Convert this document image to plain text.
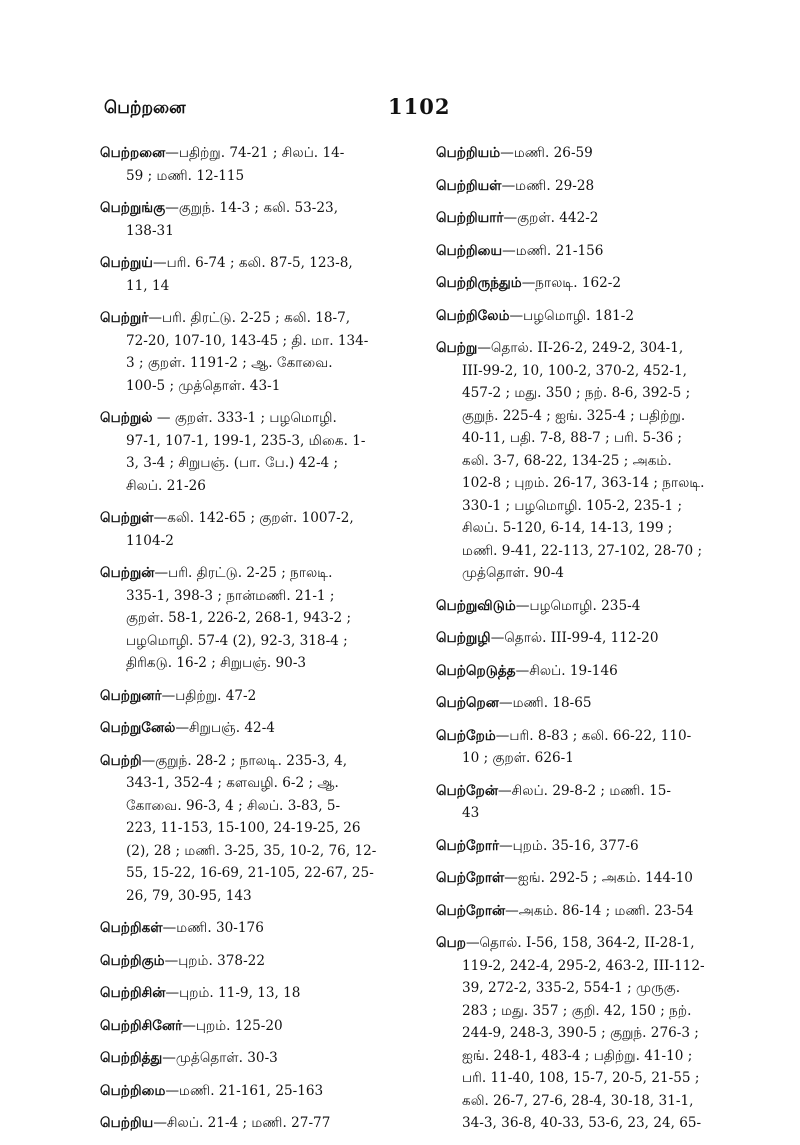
பெற்றனை	1102
பெற்றனை—பதிற்று. 74-21 ; சிலப். 14-
59 ; மணி. 12-115
பெற்றுங்கு—குறுந். 14-3 ; கலி. 53-23,
138-31
பெற்றுய்—பரி. 6-74 ; கலி. 87-5, 123-8,
11, 14
பெற்றுர்—பரி. திரட்டு. 2-25 ; கலி. 18-7,
72-20, 107-10, 143-45 ; தி. மா. 134-
3 ; குறள். 1191-2 ; ஆ. கோவை.
100-5 ; முத்தொள். 43-1
பெற்றுல் — குறள். 333-1 ; பழமொழி.
97-1, 107-1, 199-1, 235-3, மிகை. 1-
3, 3-4 ; சிறுபஞ். (பா. பே.) 42-4 ;
சிலப். 21-26
பெற்றுள்—கலி. 142-65 ; குறள். 1007-2,
1104-2
பெற்றுன்—பரி. திரட்டு. 2-25 ; நாலடி.
335-1, 398-3 ; நான்மணி. 21-1 ;
குறள். 58-1, 226-2, 268-1, 943-2 ;
பழமொழி. 57-4 (2), 92-3, 318-4 ;
திரிகடு. 16-2 ; சிறுபஞ். 90-3
பெற்றுனர்—பதிற்று. 47-2
பெற்றுனேல்—சிறுபஞ். 42-4
பெற்றி—குறுந். 28-2 ; நாலடி. 235-3, 4,
343-1, 352-4 ; களவழி. 6-2 ; ஆ.
கோவை. 96-3, 4 ; சிலப். 3-83, 5-
223, 11-153, 15-100, 24-19-25, 26
(2), 28 ; மணி. 3-25, 35, 10-2, 76, 12-
55, 15-22, 16-69, 21-105, 22-67, 25-
26, 79, 30-95, 143
பெற்றிகள்—மணி. 30-176
பெற்றிகும்—புறம். 378-22
பெற்றிசின்—புறம். 11-9, 13, 18
பெற்றிசினேர்—புறம். 125-20
பெற்றித்து—முத்தொள். 30-3
பெற்றிமை—மணி. 21-161, 25-163
பெற்றிய—சிலப். 21-4 ; மணி. 27-77
பெற்றியம்—மணி. 26-59
பெற்றியள்—மணி. 29-28
பெற்றியார்—குறள். 442-2
பெற்றியை—மணி. 21-156
பெற்றிருந்தும்—நாலடி. 162-2
பெற்றிலேம்—பழமொழி. 181-2
பெற்று—தொல். II-26-2, 249-2, 304-1,
III-99-2, 10, 100-2, 370-2, 452-1,
457-2 ; மது. 350 ; நற். 8-6, 392-5 ;
குறுந். 225-4 ; ஐங். 325-4 ; பதிற்று.
40-11, பதி. 7-8, 88-7 ; பரி. 5-36 ;
கலி. 3-7, 68-22, 134-25 ; அகம்.
102-8 ; புறம். 26-17, 363-14 ; நாலடி.
330-1 ; பழமொழி. 105-2, 235-1 ;
சிலப். 5-120, 6-14, 14-13, 199 ;
மணி. 9-41, 22-113, 27-102, 28-70 ;
முத்தொள். 90-4
பெற்றுவிடும்—பழமொழி. 235-4
பெற்றுழி—தொல். III-99-4, 112-20
பெற்றெடுத்த—சிலப். 19-146
பெற்றென—மணி. 18-65
பெற்றேம்—பரி. 8-83 ; கலி. 66-22, 110-
10 ; குறள். 626-1
பெற்றேன்—சிலப். 29-8-2 ; மணி. 15-
43
பெற்றோர்—புறம். 35-16, 377-6
பெற்றோள்—ஐங். 292-5 ; அகம். 144-10
பெற்றோன்—அகம். 86-14 ; மணி. 23-54
பெற—தொல். I-56, 158, 364-2, II-28-1,
119-2, 242-4, 295-2, 463-2, III-112-
39, 272-2, 335-2, 554-1 ; முருகு.
283 ; மது. 357 ; குறி. 42, 150 ; நற்.
244-9, 248-3, 390-5 ; குறுந். 276-3 ;
ஐங். 248-1, 483-4 ; பதிற்று. 41-10 ;
பரி. 11-40, 108, 15-7, 20-5, 21-55 ;
கலி. 26-7, 27-6, 28-4, 30-18, 31-1,
34-3, 36-8, 40-33, 53-6, 23, 24, 65-
